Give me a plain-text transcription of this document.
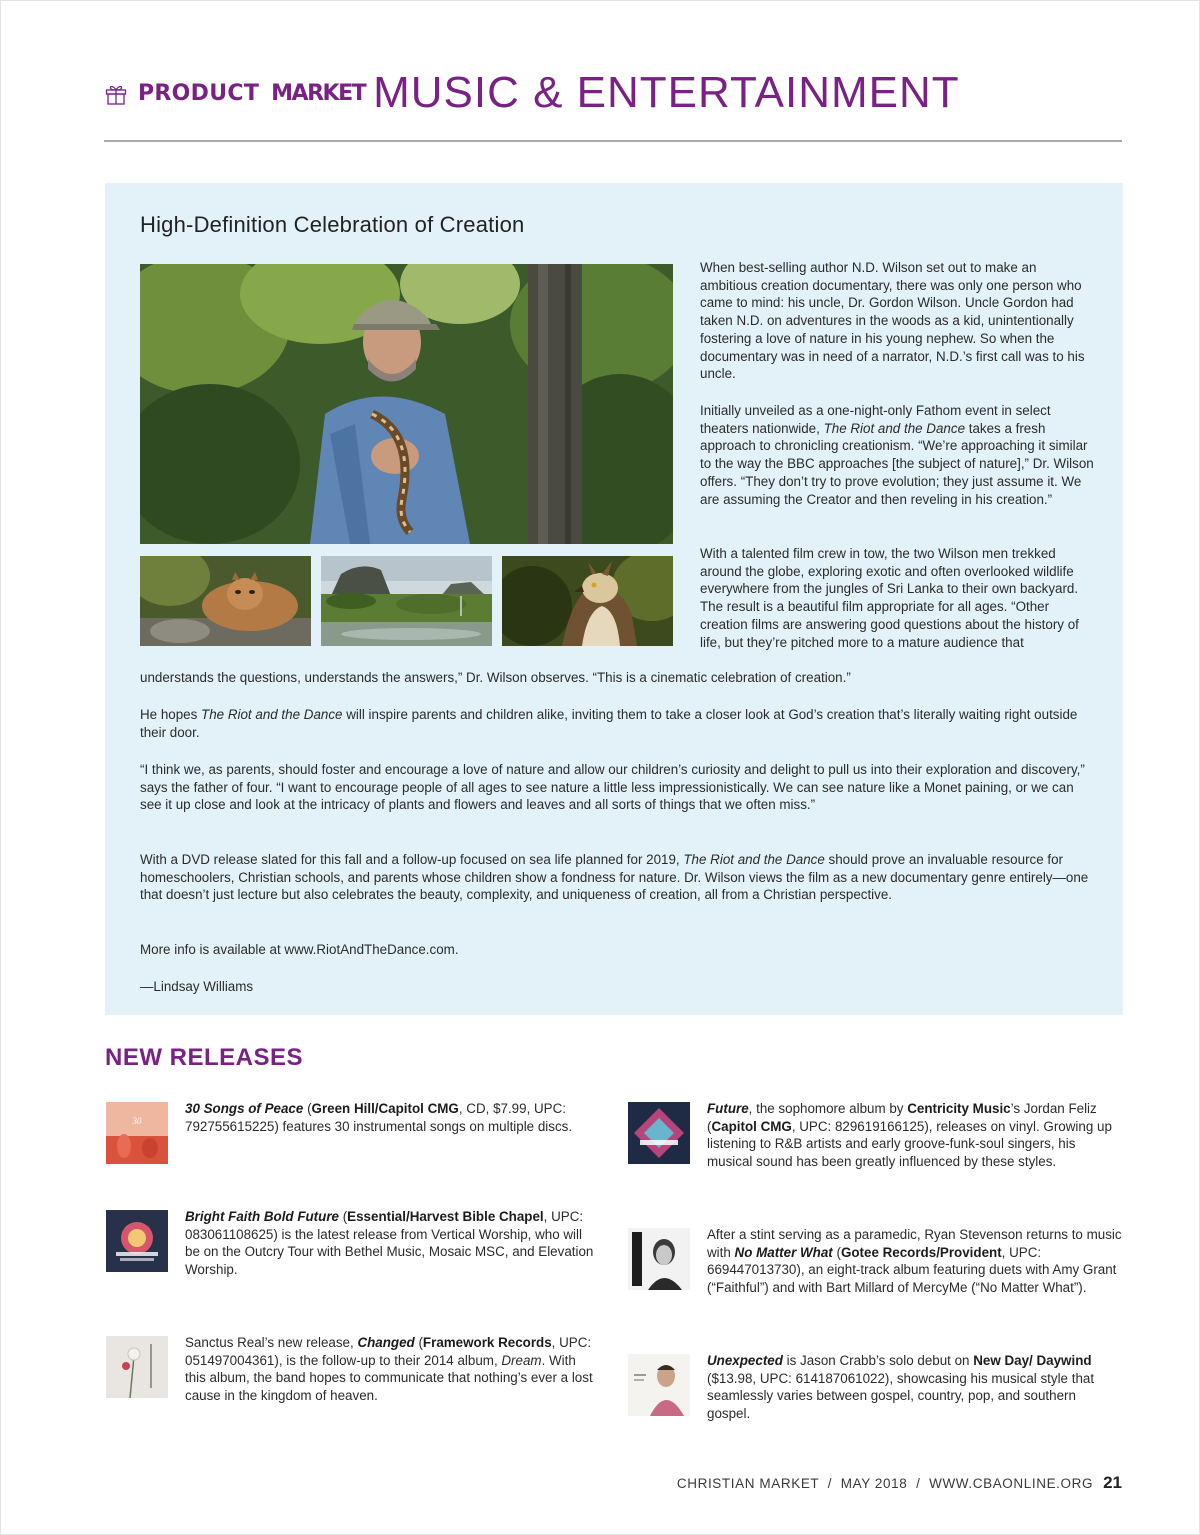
PRODUCT MARKET MUSIC & ENTERTAINMENT
High-Definition Celebration of Creation

When best-selling author N.D. Wilson set out to make an ambitious creation documentary, there was only one person who came to mind: his uncle, Dr. Gordon Wilson. Uncle Gordon had taken N.D. on adventures in the woods as a kid, unintentionally fostering a love of nature in his young nephew. So when the documentary was in need of a narrator, N.D.’s first call was to his uncle.

Initially unveiled as a one-night-only Fathom event in select theaters nationwide, The Riot and the Dance takes a fresh approach to chronicling creationism. “We’re approaching it similar to the way the BBC approaches [the subject of nature],” Dr. Wilson offers. “They don’t try to prove evolution; they just assume it. We are assuming the Creator and then reveling in his creation.”

With a talented film crew in tow, the two Wilson men trekked around the globe, exploring exotic and often overlooked wildlife everywhere from the jungles of Sri Lanka to their own backyard. The result is a beautiful film appropriate for all ages. “Other creation films are answering good questions about the history of life, but they’re pitched more to a mature audience that

understands the questions, understands the answers,” Dr. Wilson observes. “This is a cinematic celebration of creation.”

He hopes The Riot and the Dance will inspire parents and children alike, inviting them to take a closer look at God’s creation that’s literally waiting right outside their door.

“I think we, as parents, should foster and encourage a love of nature and allow our children’s curiosity and delight to pull us into their exploration and discovery,” says the father of four. “I want to encourage people of all ages to see nature a little less impressionistically. We can see nature like a Monet paining, or we can see it up close and look at the intricacy of plants and flowers and leaves and all sorts of things that we often miss.”

With a DVD release slated for this fall and a follow-up focused on sea life planned for 2019, The Riot and the Dance should prove an invaluable resource for homeschoolers, Christian schools, and parents whose children show a fondness for nature. Dr. Wilson views the film as a new documentary genre entirely—one that doesn’t just lecture but also celebrates the beauty, complexity, and uniqueness of creation, all from a Christian perspective.

More info is available at www.RiotAndTheDance.com.

—Lindsay Williams

NEW RELEASES
30
30 Songs of Peace (Green Hill/Capitol CMG, CD, $7.99, UPC: 792755615225) features 30 instrumental songs on multiple discs.
Bright Faith Bold Future (Essential/Harvest Bible Chapel, UPC: 083061108625) is the latest release from Vertical Worship, who will be on the Outcry Tour with Bethel Music, Mosaic MSC, and Elevation Worship.
Sanctus Real’s new release, Changed (Framework Records, UPC: 051497004361), is the follow-up to their 2014 album, Dream. With this album, the band hopes to communicate that nothing’s ever a lost cause in the kingdom of heaven.
Future, the sophomore album by Centricity Music’s Jordan Feliz (Capitol CMG, UPC: 829619166125), releases on vinyl. Growing up listening to R&B artists and early groove-funk-soul singers, his musical sound has been greatly influenced by these styles.
After a stint serving as a paramedic, Ryan Stevenson returns to music with No Matter What (Gotee Records/Provident, UPC: 669447013730), an eight-track album featuring duets with Amy Grant (“Faithful”) and with Bart Millard of MercyMe (“No Matter What”).
Unexpected is Jason Crabb’s solo debut on New Day/ Daywind ($13.98, UPC: 614187061022), showcasing his musical style that seamlessly varies between gospel, country, pop, and southern gospel.
CHRISTIAN MARKET  /  MAY 2018  /  WWW.CBAONLINE.ORG 21
